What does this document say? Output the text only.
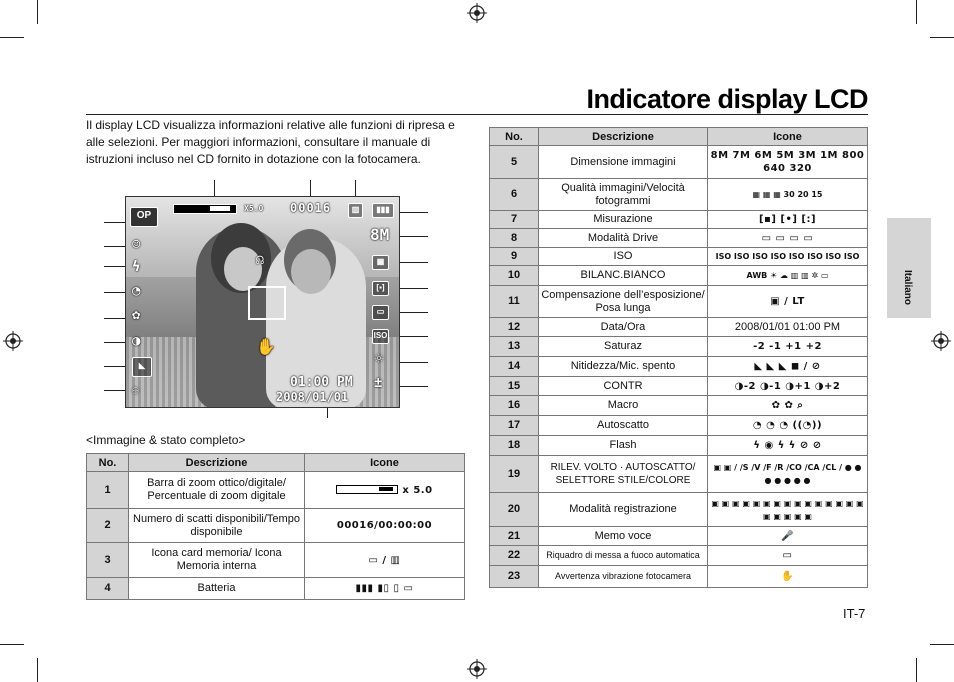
Indicatore display LCD
Italiano
Il display LCD visualizza informazioni relative alle funzioni di ripresa e alle selezioni. Per maggiori informazioni, consultare il manuale di istruzioni incluso nel CD fornito in dotazione con la fotocamera.
OP
X5.0 00016	▥	▮▮▮
8M
▦
[▪]
▭
ISO
☼
±
☺
ϟ
◔
✿
◑
◣
⚇
☊
✋
01:00 PM
2008/01/01
<Immagine & stato completo>
No.	Descrizione	Icone
1	Barra di zoom ottico/digitale/ Percentuale di zoom digitale	x 5.0
2	Numero di scatti disponibili/Tempo disponibile	00016/00:00:00
3	Icona card memoria/ Icona Memoria interna	▭ / ▥
4	Batteria	▮▮▮ ▮▯ ▯ ▭
No.	Descrizione	Icone
5	Dimensione immagini	8M 7M 6M 5M 3M 1M 800 640 320
6	Qualità immagini/Velocità fotogrammi	▦ ▦ ▦ 30 20 15
7	Misurazione	[▪] [•] [:]
8	Modalità Drive	▭ ▭ ▭ ▭
9	ISO	ISO ISO ISO ISO ISO ISO ISO ISO
10	BILANC.BIANCO	AWB ☀ ☁ ▥ ▥ ✲ ▭
11	Compensazione dell’esposizione/ Posa lunga	▣ / LT
12	Data/Ora	2008/01/01 01:00 PM
13	Saturaz	-2 -1 +1 +2
14	Nitidezza/Mic. spento	◣ ◣ ◣ ◼ / ⊘
15	CONTR	◑-2 ◑-1 ◑+1 ◑+2
16	Macro	✿ ✿ ⌕
17	Autoscatto	◔ ◔ ◔ ((◔))
18	Flash	ϟ ◉ ϟ ϟ ⊘ ⊘
19	RILEV. VOLTO · AUTOSCATTO/ SELETTORE STILE/COLORE	▣ ▣ / ∕S ∕V ∕F ∕R ∕CO ∕CA ∕CL / ● ● ● ● ● ● ●
20	Modalità registrazione	▣ ▣ ▣ ▣ ▣ ▣ ▣ ▣ ▣ ▣ ▣ ▣ ▣ ▣ ▣ ▣ ▣ ▣ ▣ ▣
21	Memo voce	🎤
22	Riquadro di messa a fuoco automatica	▭
23	Avvertenza vibrazione fotocamera	✋
IT-7
